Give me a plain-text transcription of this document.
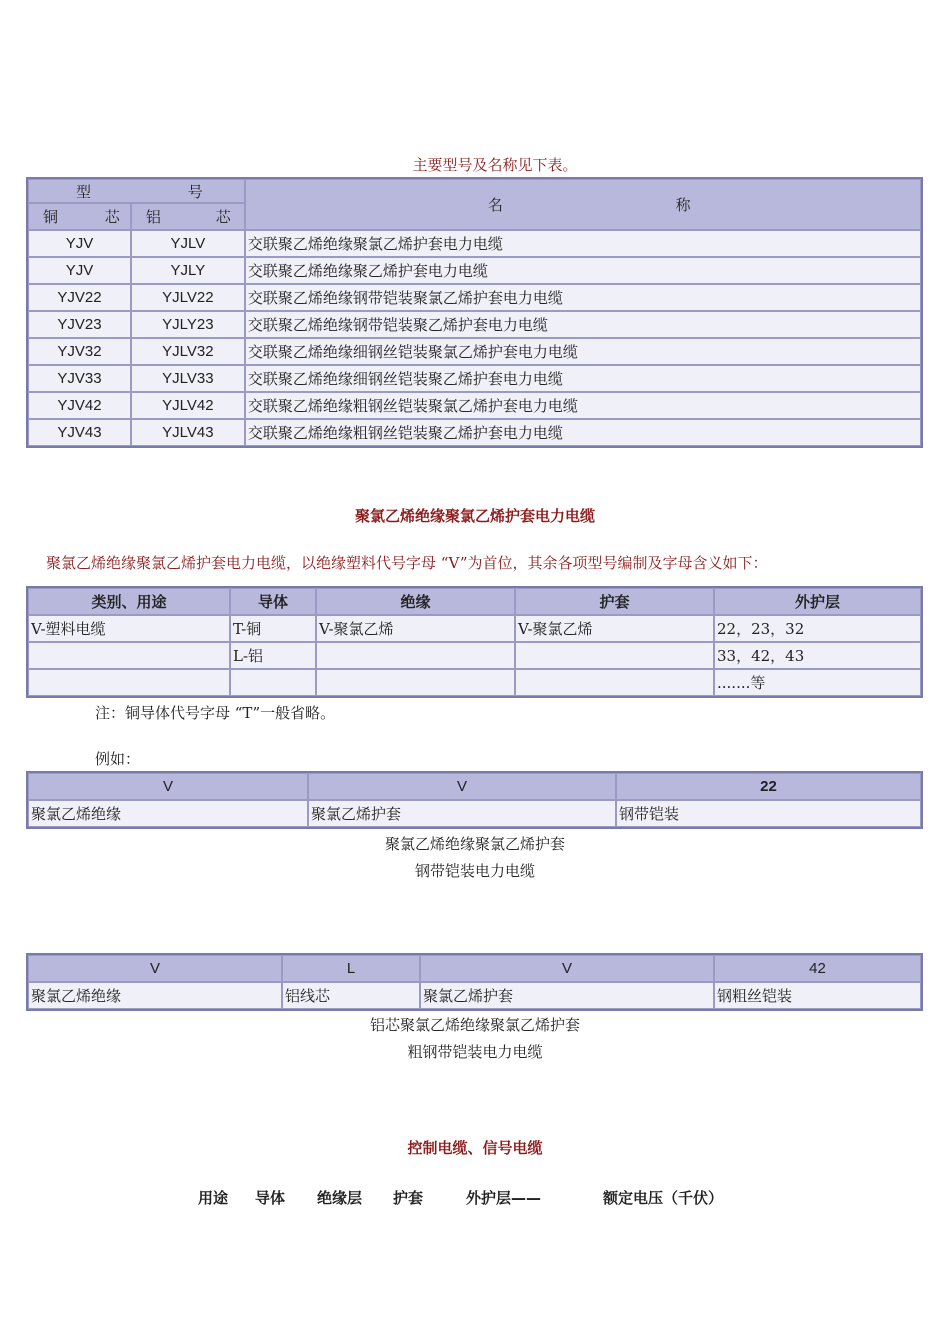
主要型号及名称见下表。
型 号		名 称
铜 芯	铝 芯	
YJV	YJLV	交联聚乙烯绝缘聚氯乙烯护套电力电缆
YJV	YJLY	交联聚乙烯绝缘聚乙烯护套电力电缆
YJV22	YJLV22	交联聚乙烯绝缘钢带铠装聚氯乙烯护套电力电缆
YJV23	YJLY23	交联聚乙烯绝缘钢带铠装聚乙烯护套电力电缆
YJV32	YJLV32	交联聚乙烯绝缘细钢丝铠装聚氯乙烯护套电力电缆
YJV33	YJLV33	交联聚乙烯绝缘细钢丝铠装聚乙烯护套电力电缆
YJV42	YJLV42	交联聚乙烯绝缘粗钢丝铠装聚氯乙烯护套电力电缆
YJV43	YJLV43	交联聚乙烯绝缘粗钢丝铠装聚乙烯护套电力电缆
聚氯乙烯绝缘聚氯乙烯护套电力电缆
聚氯乙烯绝缘聚氯乙烯护套电力电缆，以绝缘塑料代号字母 “V”为首位，其余各项型号编制及字母含义如下：
类别、用途	导体	绝缘	护套	外护层
V-塑料电缆	T-铜	V-聚氯乙烯	V-聚氯乙烯	22，23，32
	L-铝			33，42，43
				.......等
注：铜导体代号字母 “T”一般省略。
例如：
V	V	22
聚氯乙烯绝缘	聚氯乙烯护套	钢带铠装
聚氯乙烯绝缘聚氯乙烯护套
钢带铠装电力电缆
V	L	V	42
聚氯乙烯绝缘	铝线芯	聚氯乙烯护套	钢粗丝铠装
铝芯聚氯乙烯绝缘聚氯乙烯护套
粗钢带铠装电力电缆
控制电缆、信号电缆
用途 导体 绝缘层 护套	外护层——	额定电压（千伏）
